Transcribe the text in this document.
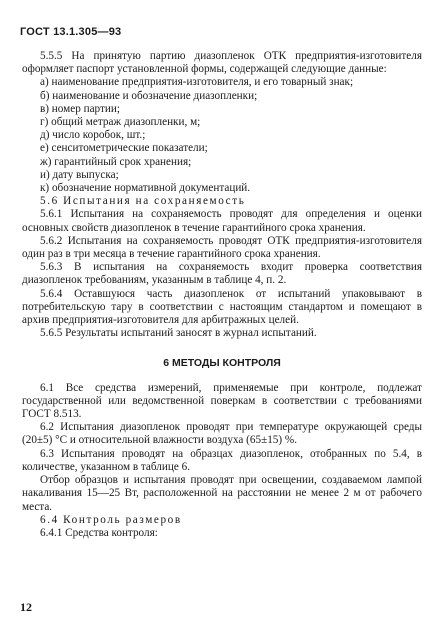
ГОСТ 13.1.305—93

5.5.5 На принятую партию диазопленок ОТК предприятия-изготовителя оформляет паспорт установленной формы, содержащей следующие данные:

а) наименование предприятия-изготовителя, и его товарный знак;

б) наименование и обозначение диазопленки;

в) номер партии;

г) общий метраж диазопленки, м;

д) число коробок, шт.;

е) сенситометрические показатели;

ж) гарантийный срок хранения;

и) дату выпуска;

к) обозначение нормативной документаций.

5.6 Испытания на сохраняемость

5.6.1 Испытания на сохраняемость проводят для определения и оценки основных свойств диазопленок в течение гарантийного срока хранения.

5.6.2 Испытания на сохраняемость проводят ОТК предприятия-изготовителя один раз в три месяца в течение гарантийного срока хранения.

5.6.3 В испытания на сохраняемость входит проверка соответствия диазопленок требованиям, указанным в таблице 4, п. 2.

5.6.4 Оставшуюся часть диазопленок от испытаний упаковывают в потребительскую тару в соответствии с настоящим стандартом и помещают в архив предприятия-изготовителя для арбитражных целей.

5.6.5 Результаты испытаний заносят в журнал испытаний.

6 МЕТОДЫ КОНТРОЛЯ

6.1 Все средства измерений, применяемые при контроле, подлежат государственной или ведомственной поверкам в соответствии с требованиями ГОСТ 8.513.

6.2 Испытания диазопленок проводят при температуре окружающей среды (20±5) °С и относительной влажности воздуха (65±15) %.

6.3 Испытания проводят на образцах диазопленок, отобранных по 5.4, в количестве, указанном в таблице 6.

Отбор образцов и испытания проводят при освещении, создаваемом лампой накаливания 15—25 Вт, расположенной на расстоянии не менее 2 м от рабочего места.

6.4 Контроль размеров

6.4.1 Средства контроля:

12
